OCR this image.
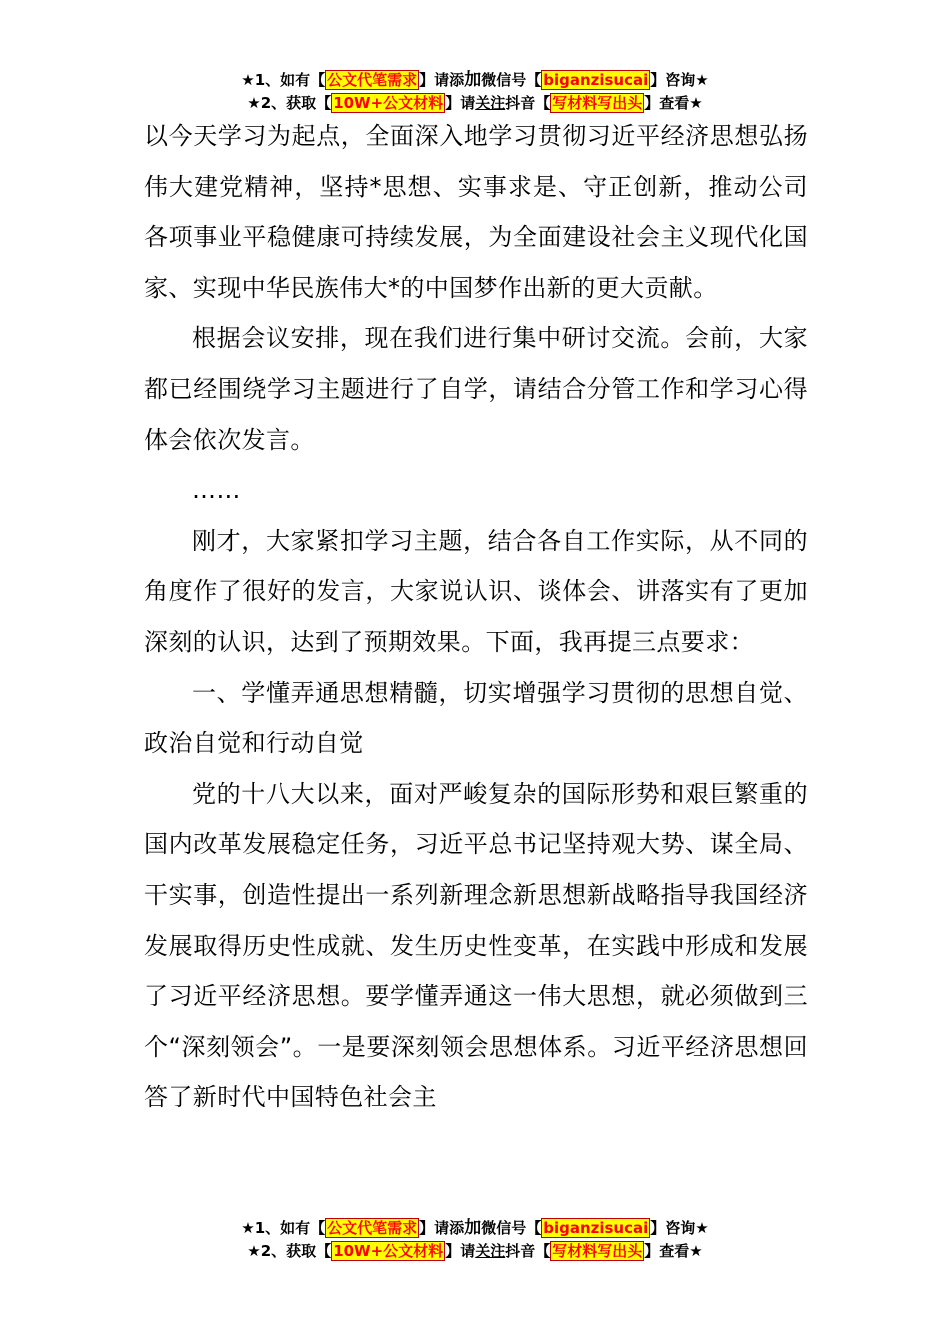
★1、如有【 公文代笔需求 】请添加微信号【 biganzisucai 】咨询★
★2、获取【 10W+公文材料 】请关注抖音【 写材料写出头 】查看★

以今天学习为起点，全面深入地学习贯彻习近平经济思想弘扬伟大建党精神，坚持*思想、实事求是、守正创新，推动公司各项事业平稳健康可持续发展，为全面建设社会主义现代化国家、实现中华民族伟大*的中国梦作出新的更大贡献。

根据会议安排，现在我们进行集中研讨交流。会前，大家都已经围绕学习主题进行了自学，请结合分管工作和学习心得体会依次发言。

……

刚才，大家紧扣学习主题，结合各自工作实际，从不同的角度作了很好的发言，大家说认识、谈体会、讲落实有了更加深刻的认识，达到了预期效果。下面，我再提三点要求：

一、学懂弄通思想精髓，切实增强学习贯彻的思想自觉、政治自觉和行动自觉

党的十八大以来，面对严峻复杂的国际形势和艰巨繁重的国内改革发展稳定任务，习近平总书记坚持观大势、谋全局、干实事，创造性提出一系列新理念新思想新战略指导我国经济发展取得历史性成就、发生历史性变革，在实践中形成和发展了习近平经济思想。要学懂弄通这一伟大思想，就必须做到三个“深刻领会”。一是要深刻领会思想体系。习近平经济思想回答了新时代中国特色社会主

★1、如有【 公文代笔需求 】请添加微信号【 biganzisucai 】咨询★
★2、获取【 10W+公文材料 】请关注抖音【 写材料写出头 】查看★
